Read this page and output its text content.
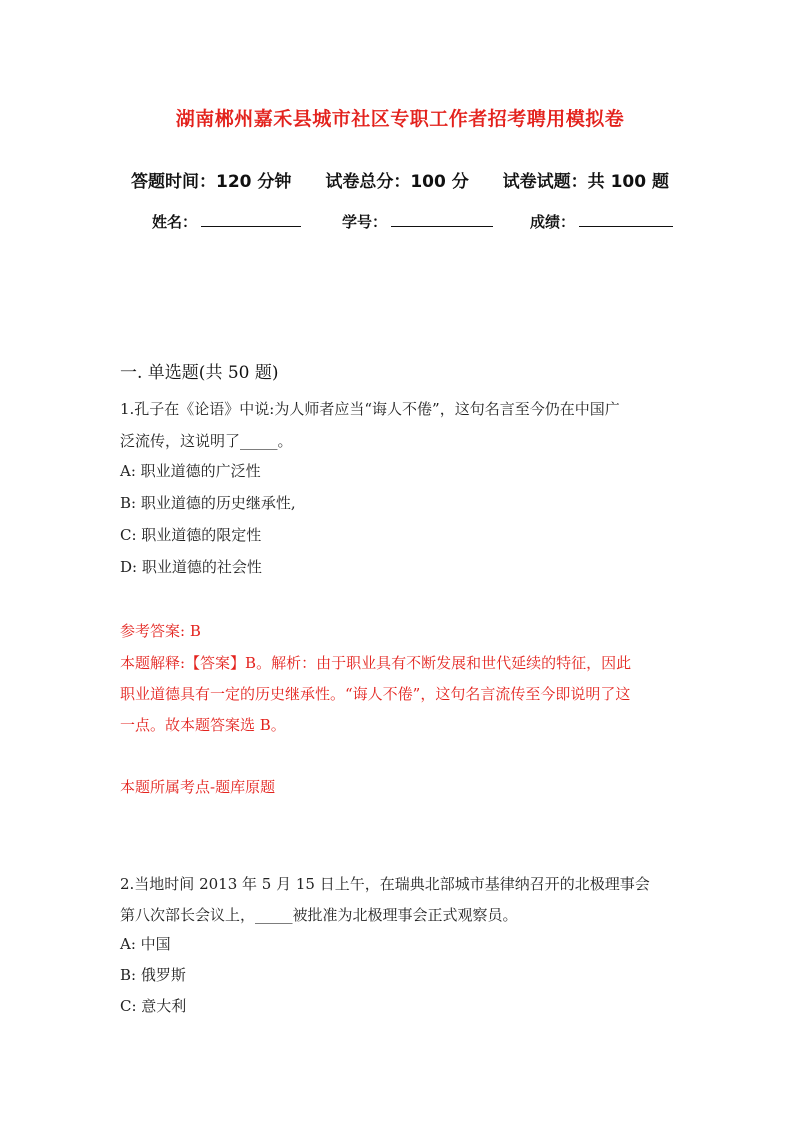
湖南郴州嘉禾县城市社区专职工作者招考聘用模拟卷
答题时间：120 分钟 试卷总分：100 分 试卷试题：共 100 题
姓名：	学号：	成绩：
一. 单选题(共 50 题)
1.孔子在《论语》中说:为人师者应当“诲人不倦”，这句名言至今仍在中国广
泛流传，这说明了_____。
A: 职业道德的广泛性
B: 职业道德的历史继承性,
C: 职业道德的限定性
D: 职业道德的社会性
参考答案: B
本题解释:【答案】B。解析：由于职业具有不断发展和世代延续的特征，因此
职业道德具有一定的历史继承性。“诲人不倦”，这句名言流传至今即说明了这
一点。故本题答案选 B。
本题所属考点-题库原题
2.当地时间 2013 年 5 月 15 日上午，在瑞典北部城市基律纳召开的北极理事会
第八次部长会议上，_____被批准为北极理事会正式观察员。
A: 中国
B: 俄罗斯
C: 意大利
